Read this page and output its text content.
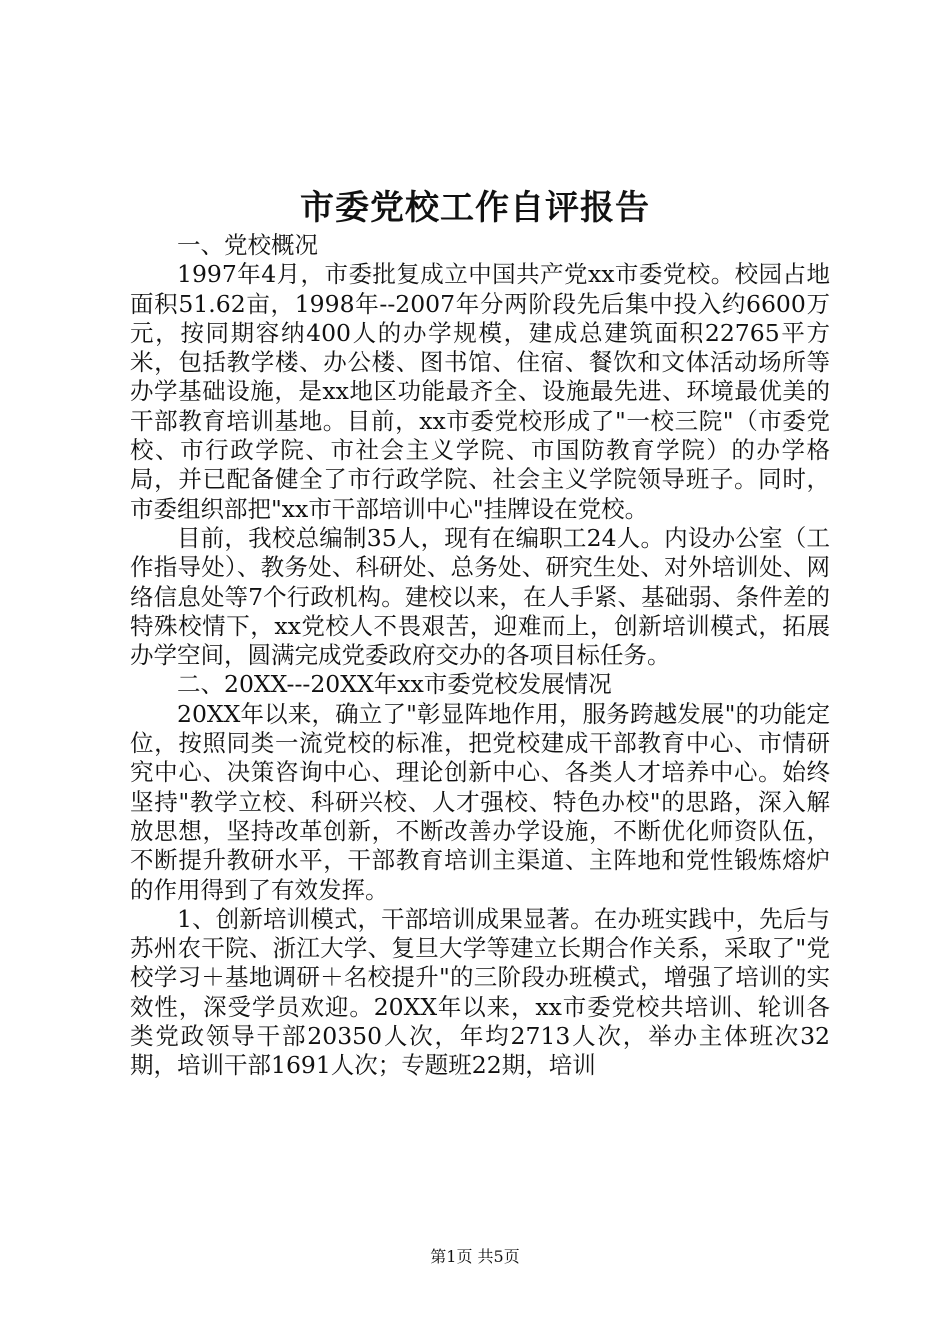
市委党校工作自评报告

一、党校概况

1997年4月，市委批复成立中国共产党xx市委党校。校园占地面积51.62亩，1998年--2007年分两阶段先后集中投入约6600万元，按同期容纳400人的办学规模，建成总建筑面积22765平方米，包括教学楼、办公楼、图书馆、住宿、餐饮和文体活动场所等办学基础设施，是xx地区功能最齐全、设施最先进、环境最优美的干部教育培训基地。目前，xx市委党校形成了"一校三院"（市委党校、市行政学院、市社会主义学院、市国防教育学院）的办学格局，并已配备健全了市行政学院、社会主义学院领导班子。同时，市委组织部把"xx市干部培训中心"挂牌设在党校。

目前，我校总编制35人，现有在编职工24人。内设办公室（工作指导处）、教务处、科研处、总务处、研究生处、对外培训处、网络信息处等7个行政机构。建校以来，在人手紧、基础弱、条件差的特殊校情下，xx党校人不畏艰苦，迎难而上，创新培训模式，拓展办学空间，圆满完成党委政府交办的各项目标任务。

二、20XX---20XX年xx市委党校发展情况

20XX年以来，确立了"彰显阵地作用，服务跨越发展"的功能定位，按照同类一流党校的标准，把党校建成干部教育中心、市情研究中心、决策咨询中心、理论创新中心、各类人才培养中心。始终坚持"教学立校、科研兴校、人才强校、特色办校"的思路，深入解放思想，坚持改革创新，不断改善办学设施，不断优化师资队伍，不断提升教研水平，干部教育培训主渠道、主阵地和党性锻炼熔炉的作用得到了有效发挥。

1、创新培训模式，干部培训成果显著。在办班实践中，先后与苏州农干院、浙江大学、复旦大学等建立长期合作关系，采取了"党校学习＋基地调研＋名校提升"的三阶段办班模式，增强了培训的实效性，深受学员欢迎。20XX年以来，xx市委党校共培训、轮训各类党政领导干部20350人次，年均2713人次，举办主体班次32期，培训干部1691人次；专题班22期，培训

第1页 共5页
